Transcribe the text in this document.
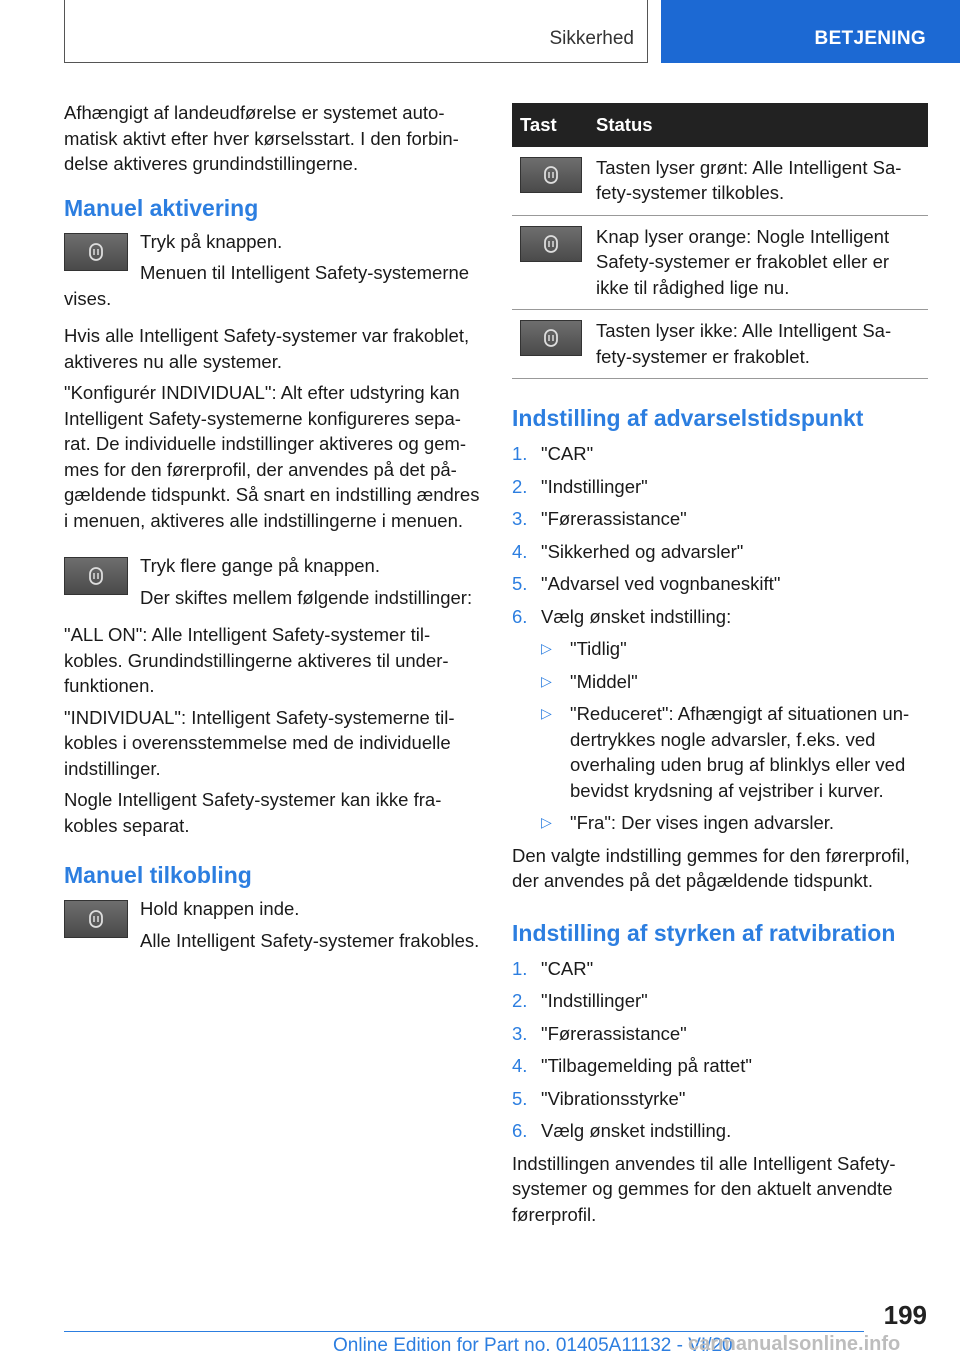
Sikkerhed	BETJENING

Afhængigt af landeudførelse er systemet automatisk aktivt efter hver kørselsstart. I den forbindelse aktiveres grundindstillingerne.

Manuel aktivering

Tryk på knappen.

Menuen til Intelligent Safety-systemerne vises.

Hvis alle Intelligent Safety-systemer var frakoblet, aktiveres nu alle systemer.

"Konfigurér INDIVIDUAL": Alt efter udstyring kan Intelligent Safety-systemerne konfigureres separat. De individuelle indstillinger aktiveres og gemmes for den førerprofil, der anvendes på det pågældende tidspunkt. Så snart en indstilling ændres i menuen, aktiveres alle indstillingerne i menuen.

Tryk flere gange på knappen.

Der skiftes mellem følgende indstillinger:

"ALL ON": Alle Intelligent Safety-systemer tilkobles. Grundindstillingerne aktiveres til underfunktionen.

"INDIVIDUAL": Intelligent Safety-systemerne tilkobles i overensstemmelse med de individuelle indstillinger.

Nogle Intelligent Safety-systemer kan ikke frakobles separat.

Manuel tilkobling

Hold knappen inde.

Alle Intelligent Safety-systemer frakobles.

Tast	Status

	Tasten lyser grønt: Alle Intelligent Safety-systemer tilkobles.

	Knap lyser orange: Nogle Intelligent Safety-systemer er frakoblet eller er ikke til rådighed lige nu.

	Tasten lyser ikke: Alle Intelligent Safety-systemer er frakoblet.
Indstilling af advarselstidspunkt
1. "CAR"
2. "Indstillinger"
3. "Førerassistance"
4. "Sikkerhed og advarsler"
5. "Advarsel ved vognbaneskift"
6. Vælg ønsket indstilling:
▷ "Tidlig"
▷ "Middel"
▷ "Reduceret": Afhængigt af situationen undertrykkes nogle advarsler, f.eks. ved overhaling uden brug af blinklys eller ved bevidst krydsning af vejstriber i kurver.
▷ "Fra": Der vises ingen advarsler.

Den valgte indstilling gemmes for den førerprofil, der anvendes på det pågældende tidspunkt.

Indstilling af styrken af ratvibration
1. "CAR"
2. "Indstillinger"
3. "Førerassistance"
4. "Tilbagemelding på rattet"
5. "Vibrationsstyrke"
6. Vælg ønsket indstilling.

Indstillingen anvendes til alle Intelligent Safety-systemer og gemmes for den aktuelt anvendte førerprofil.

199
Online Edition for Part no. 01405A11132 - VI/20
carmanualsonline.info
